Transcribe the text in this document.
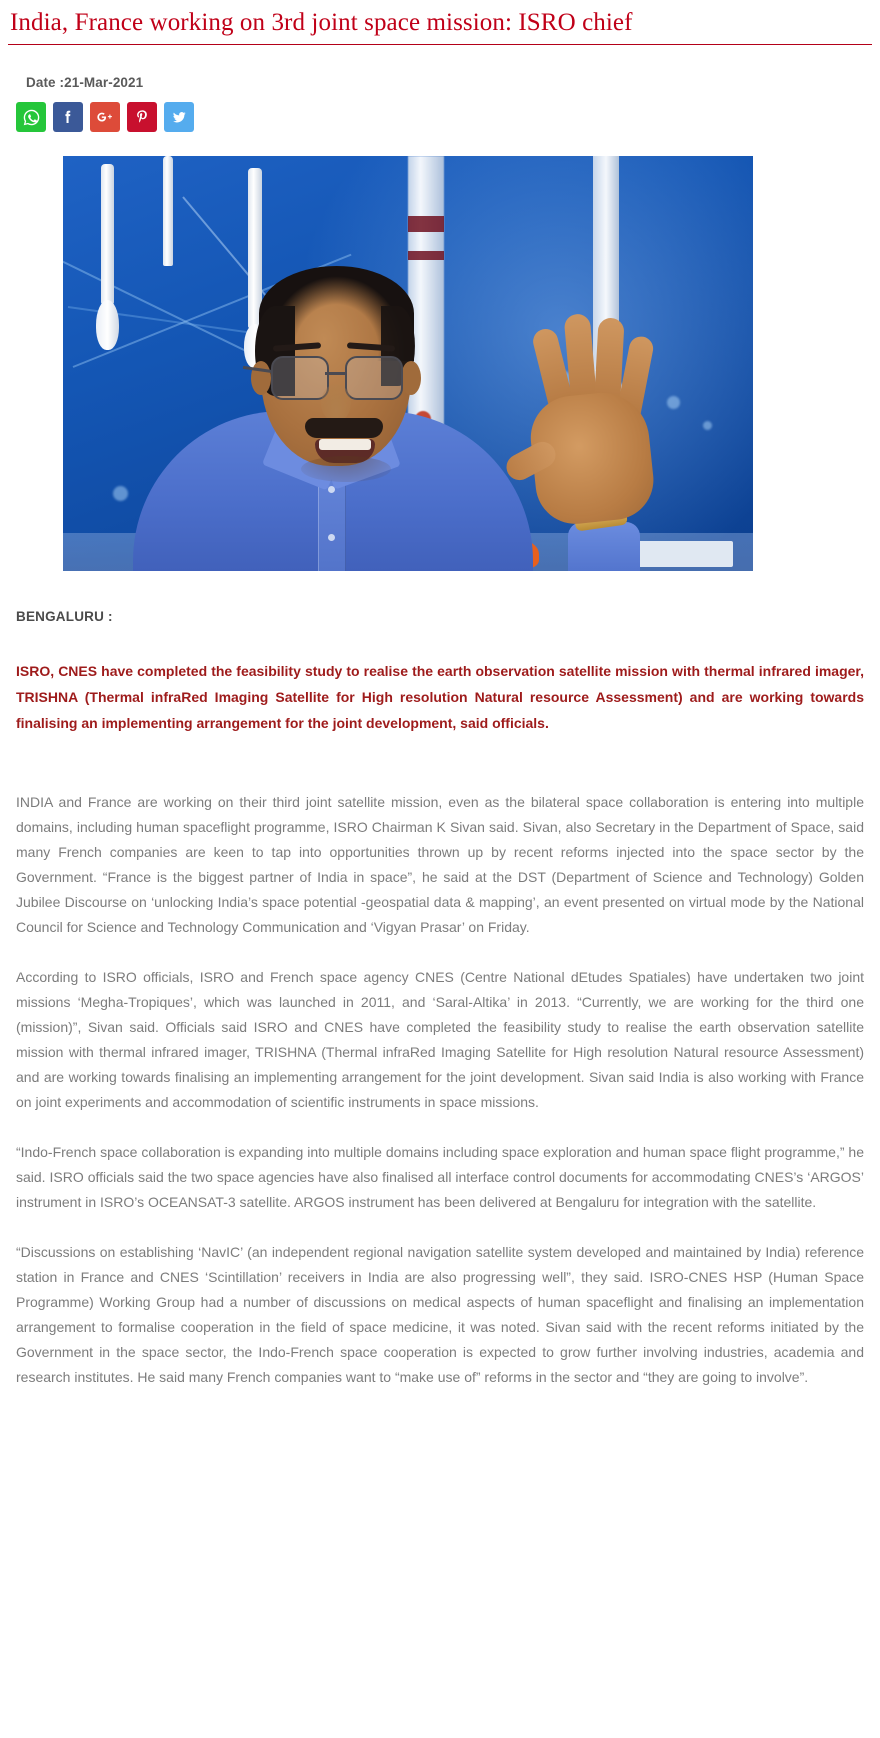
India, France working on 3rd joint space mission: ISRO chief
Date :21-Mar-2021

BENGALURU :

ISRO, CNES have completed the feasibility study to realise the earth observation satellite mission with thermal infrared imager, TRISHNA (Thermal infraRed Imaging Satellite for High resolution Natural resource Assessment) and are working towards finalising an implementing arrangement for the joint development, said officials.

INDIA and France are working on their third joint satellite mission, even as the bilateral space collaboration is entering into multiple domains, including human spaceflight programme, ISRO Chairman K Sivan said. Sivan, also Secretary in the Department of Space, said many French companies are keen to tap into opportunities thrown up by recent reforms injected into the space sector by the Government. “France is the biggest partner of India in space”, he said at the DST (Department of Science and Technology) Golden Jubilee Discourse on ‘unlocking India’s space potential -geospatial data & mapping’, an event presented on virtual mode by the National Council for Science and Technology Communication and ‘Vigyan Prasar’ on Friday.

According to ISRO officials, ISRO and French space agency CNES (Centre National dEtudes Spatiales) have undertaken two joint missions ‘Megha-Tropiques’, which was launched in 2011, and ‘Saral-Altika’ in 2013. “Currently, we are working for the third one (mission)”, Sivan said. Officials said ISRO and CNES have completed the feasibility study to realise the earth observation satellite mission with thermal infrared imager, TRISHNA (Thermal infraRed Imaging Satellite for High resolution Natural resource Assessment) and are working towards finalising an implementing arrangement for the joint development. Sivan said India is also working with France on joint experiments and accommodation of scientific instruments in space missions.

“Indo-French space collaboration is expanding into multiple domains including space exploration and human space flight programme,” he said. ISRO officials said the two space agencies have also finalised all interface control documents for accommodating CNES’s ‘ARGOS’ instrument in ISRO’s OCEANSAT-3 satellite. ARGOS instrument has been delivered at Bengaluru for integration with the satellite.

“Discussions on establishing ‘NavIC’ (an independent regional navigation satellite system developed and maintained by India) reference station in France and CNES ‘Scintillation’ receivers in India are also progressing well”, they said. ISRO-CNES HSP (Human Space Programme) Working Group had a number of discussions on medical aspects of human spaceflight and finalising an implementation arrangement to formalise cooperation in the field of space medicine, it was noted. Sivan said with the recent reforms initiated by the Government in the space sector, the Indo-French space cooperation is expected to grow further involving industries, academia and research institutes. He said many French companies want to “make use of” reforms in the sector and “they are going to involve”.
